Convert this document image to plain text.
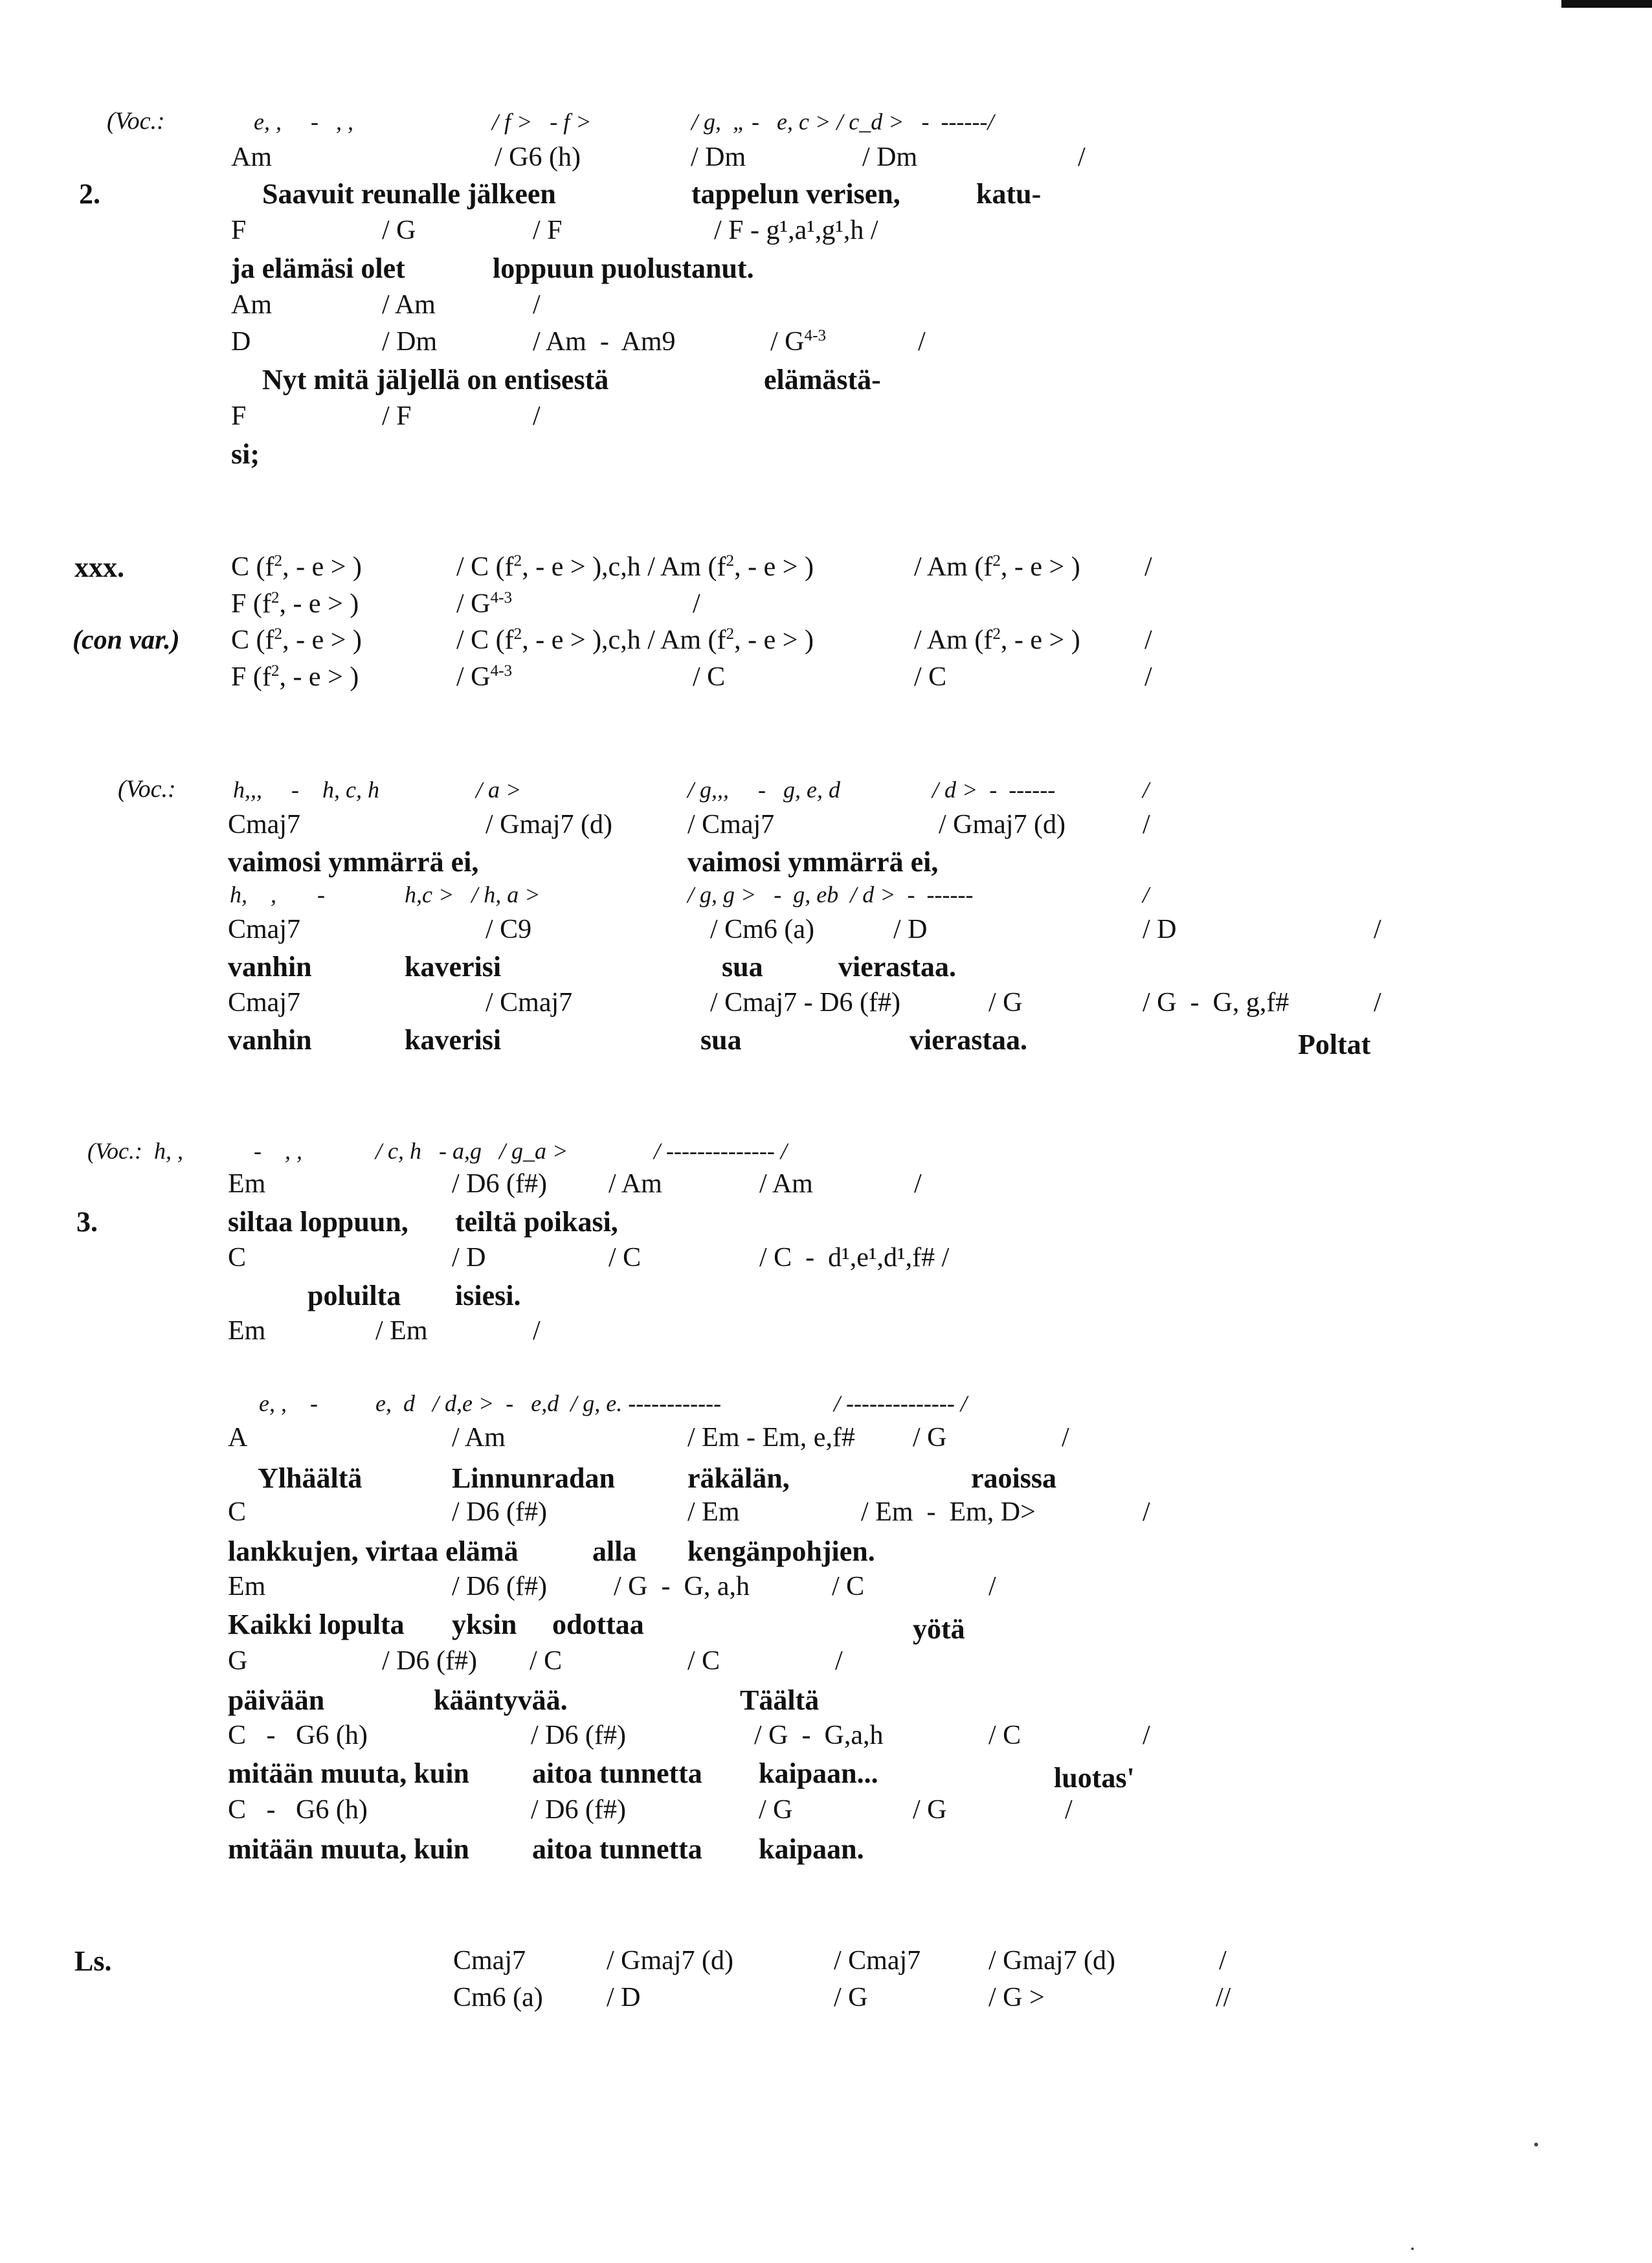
(Voc.:	e, ,     -   , ,	/ f >   - f >	/ g,  „ -   e, c > / c_d >   -  ------/
Am	/ G6 (h)	/ Dm	/ Dm	/
2.	Saavuit reunalle jälkeen	tappelun verisen,	katu-
F	/ G	/ F	/ F - g¹,a¹,g¹,h /
ja elämäsi olet	loppuun puolustanut.
Am	/ Am	/
D	/ Dm	/ Am  -  Am9	/ $G^{4-3}$	/
Nyt mitä jäljellä on entisestä	elämästä-
F	/ F	/
si;
xxx.	C ($f^2$, - e > )	/ C ($f^2$, - e > ),c,h / Am ($f^2$, - e > )	/ Am ($f^2$, - e > ) /
F ($f^2$, - e > )	/ $G^{4-3}$	/
(con var.) C ($f^2$, - e > )	/ C ($f^2$, - e > ),c,h / Am ($f^2$, - e > )	/ Am ($f^2$, - e > ) /
F ($f^2$, - e > )	/ $G^{4-3}$	/ C	/ C	/
(Voc.: h,,,     -    h, c, h	/ a >	/ g,,,     -   g, e, d	/ d >  -  ------	/
Cmaj7	/ Gmaj7 (d)	/ Cmaj7	/ Gmaj7 (d)	/
vaimosi ymmärrä ei,	vaimosi ymmärrä ei,
h,    ,       -	h,c >   / h, a >	/ g, g >   -  g, eb  / d >  -  ------	/
Cmaj7	/ C9	/ Cm6 (a)	/ D	/ D	/
vanhin	kaverisi	sua	vierastaa.
Cmaj7	/ Cmaj7	/ Cmaj7 - D6 (f#)	/ G	/ G  -  G, g,f#	/
vanhin	kaverisi	sua	vierastaa.	Poltat
(Voc.:  h, ,	-    , ,	/ c, h   - a,g   / g_a >	/ -------------- /
Em	/ D6 (f#) / Am	/ Am	/
3.	siltaa loppuun, teiltä poikasi,
C	/ D	/ C	/ C  -  d¹,e¹,d¹,f# /
poluilta isiesi.
Em	/ Em	/
e, ,    - e,  d   / d,e >  -   e,d  / g, e. ------------	/ -------------- /
A	/ Am	/ Em - Em, e,f# / G	/
Ylhäältä	Linnunradan	räkälän,	raoissa
C	/ D6 (f#)	/ Em	/ Em  -  Em, D>	/
lankkujen, virtaa elämä	alla kengänpohjien.
Em	/ D6 (f#) / G  -  G, a,h	/ C	/
Kaikki lopulta yksin odottaa	yötä
G	/ D6 (f#) / C	/ C	/
päivään	kääntyvää.	Täältä
C   -   G6 (h)	/ D6 (f#)	/ G  -  G,a,h	/ C	/
mitään muuta, kuin aitoa tunnetta kaipaan...	luotas'
C   -   G6 (h)	/ D6 (f#)	/ G	/ G	/
mitään muuta, kuin aitoa tunnetta kaipaan.
Ls.	Cmaj7	/ Gmaj7 (d)	/ Cmaj7 / Gmaj7 (d)	/
Cm6 (a) / D	/ G	/ G >	//
